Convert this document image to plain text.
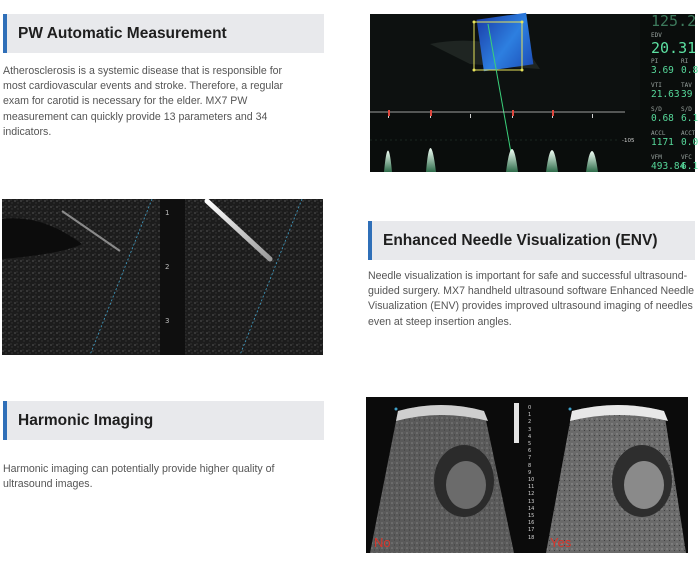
PW Automatic Measurement

Atherosclerosis is a systemic disease that is responsible for most cardiovascular events and stroke. Therefore, a regular exam for carotid is necessary for the elder. MX7 PW measurement can quickly provide 13 parameters and 34 indicators.

-105
125.2
EDV
20.31
PI
3.69
RI
0.8
VTI
21.63
TAV
39
S/D
0.68
S/D
6.1
ACCL
1171
ACCT
0.0
VFM
493.84
VFC
6.1
1
2
3
Enhanced Needle Visualization (ENV)

Needle visualization is important for safe and successful ultrasound-guided surgery. MX7 handheld ultrasound software Enhanced Needle Visualization (ENV) provides improved ultrasound imaging of needles even at steep insertion angles.

Harmonic Imaging

Harmonic imaging can potentially provide higher quality of ultrasound images.

0
1
2
3
4
5
6
7
8
9
10
11
12
13
14
15
16
17
18
No	Yes
